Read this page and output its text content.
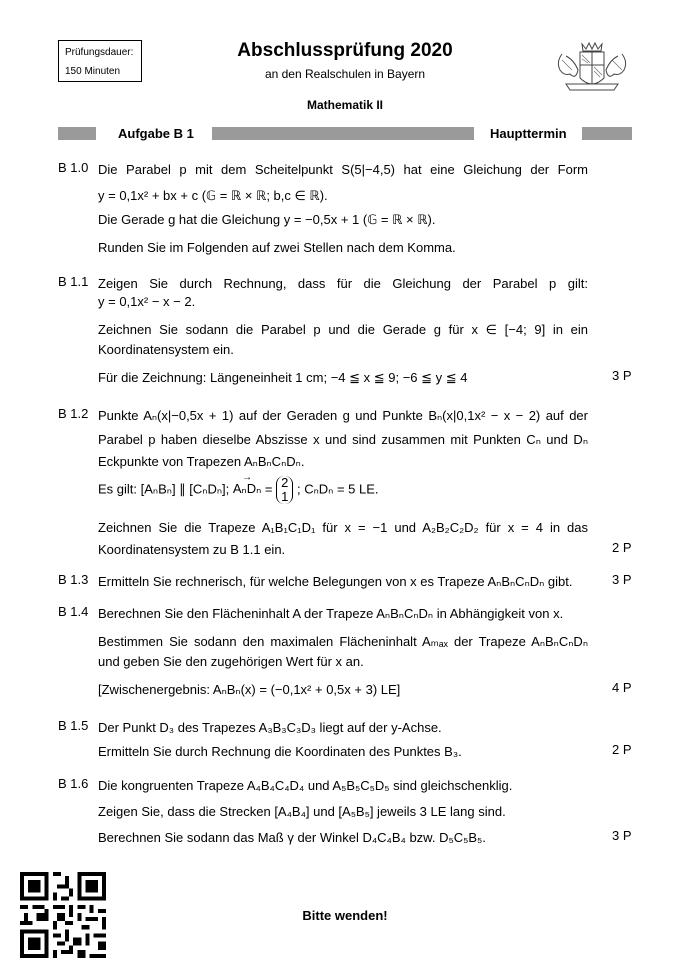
Prüfungsdauer:
150 Minuten
Abschlussprüfung 2020
an den Realschulen in Bayern
Mathematik II
Aufgabe B 1	Haupttermin
B 1.0 Die Parabel p mit dem Scheitelpunkt S(5|−4,5) hat eine Gleichung der Form
y = 0,1x² + bx + c (𝔾 = ℝ × ℝ; b,c ∈ ℝ).
Die Gerade g hat die Gleichung y = −0,5x + 1 (𝔾 = ℝ × ℝ).
Runden Sie im Folgenden auf zwei Stellen nach dem Komma.
B 1.1 Zeigen Sie durch Rechnung, dass für die Gleichung der Parabel p gilt:
y = 0,1x² − x − 2.
Zeichnen Sie sodann die Parabel p und die Gerade g für x ∈ [−4; 9] in ein
Koordinatensystem ein.
Für die Zeichnung: Längeneinheit 1 cm; −4 ≦ x ≦ 9; −6 ≦ y ≦ 4	3 P
B 1.2 Punkte Aₙ(x|−0,5x + 1) auf der Geraden g und Punkte Bₙ(x|0,1x² − x − 2) auf der
Parabel p haben dieselbe Abszisse x und sind zusammen mit Punkten Cₙ und Dₙ
Eckpunkte von Trapezen AₙBₙCₙDₙ.
Es gilt: [AₙBₙ] ∥ [CₙDₙ]; → AₙDₙ = 2
1 ; CₙDₙ = 5 LE.
Zeichnen Sie die Trapeze A₁B₁C₁D₁ für x = −1 und A₂B₂C₂D₂ für x = 4 in das
Koordinatensystem zu B 1.1 ein.	2 P
B 1.3 Ermitteln Sie rechnerisch, für welche Belegungen von x es Trapeze AₙBₙCₙDₙ gibt.	3 P
B 1.4 Berechnen Sie den Flächeninhalt A der Trapeze AₙBₙCₙDₙ in Abhängigkeit von x.
Bestimmen Sie sodann den maximalen Flächeninhalt Aₘₐₓ der Trapeze AₙBₙCₙDₙ
und geben Sie den zugehörigen Wert für x an.
[Zwischenergebnis: AₙBₙ(x) = (−0,1x² + 0,5x + 3) LE]	4 P
B 1.5 Der Punkt D₃ des Trapezes A₃B₃C₃D₃ liegt auf der y-Achse.
Ermitteln Sie durch Rechnung die Koordinaten des Punktes B₃.	2 P
B 1.6 Die kongruenten Trapeze A₄B₄C₄D₄ und A₅B₅C₅D₅ sind gleichschenklig.
Zeigen Sie, dass die Strecken [A₄B₄] und [A₅B₅] jeweils 3 LE lang sind.
Berechnen Sie sodann das Maß γ der Winkel D₄C₄B₄ bzw. D₅C₅B₅.	3 P
Bitte wenden!
